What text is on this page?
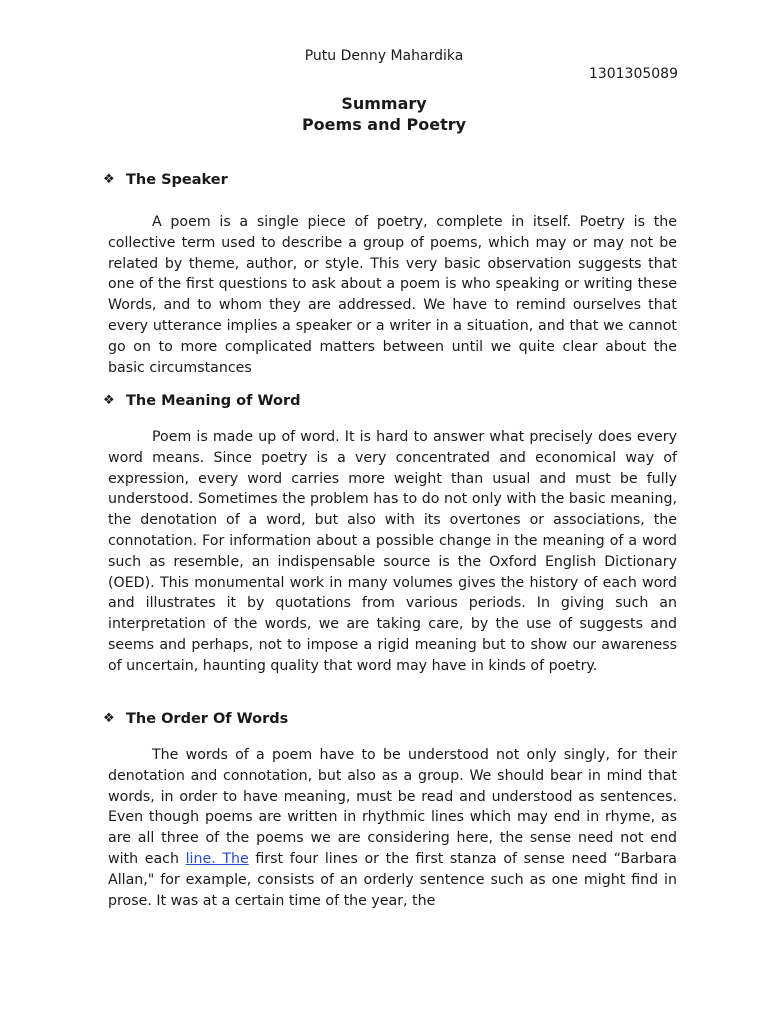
Putu Denny Mahardika
1301305089
Summary
Poems and Poetry
❖ The Speaker

A poem is a single piece of poetry, complete in itself. Poetry is the collective term used to describe a group of poems, which may or may not be related by theme, author, or style. This very basic observation suggests that one of the first questions to ask about a poem is who speaking or writing these Words, and to whom they are addressed. We have to remind ourselves that every utterance implies a speaker or a writer in a situation, and that we cannot go on to more complicated matters between until we quite clear about the basic circumstances

❖ The Meaning of Word

Poem is made up of word. It is hard to answer what precisely does every word means. Since poetry is a very concentrated and economical way of expression, every word carries more weight than usual and must be fully understood. Sometimes the problem has to do not only with the basic meaning, the denotation of a word, but also with its overtones or associations, the connotation. For information about a possible change in the meaning of a word such as resemble, an indispensable source is the Oxford English Dictionary (OED). This monumental work in many volumes gives the history of each word and illustrates it by quotations from various periods. In giving such an interpretation of the words, we are taking care, by the use of suggests and seems and perhaps, not to impose a rigid meaning but to show our awareness of uncertain, haunting quality that word may have in kinds of poetry.

❖ The Order Of Words

The words of a poem have to be understood not only singly, for their denotation and connotation, but also as a group. We should bear in mind that words, in order to have meaning, must be read and understood as sentences. Even though poems are written in rhythmic lines which may end in rhyme, as are all three of the poems we are considering here, the sense need not end with each line. The first four lines or the first stanza of sense need “Barbara Allan," for example, consists of an orderly sentence such as one might find in prose. It was at a certain time of the year, the
